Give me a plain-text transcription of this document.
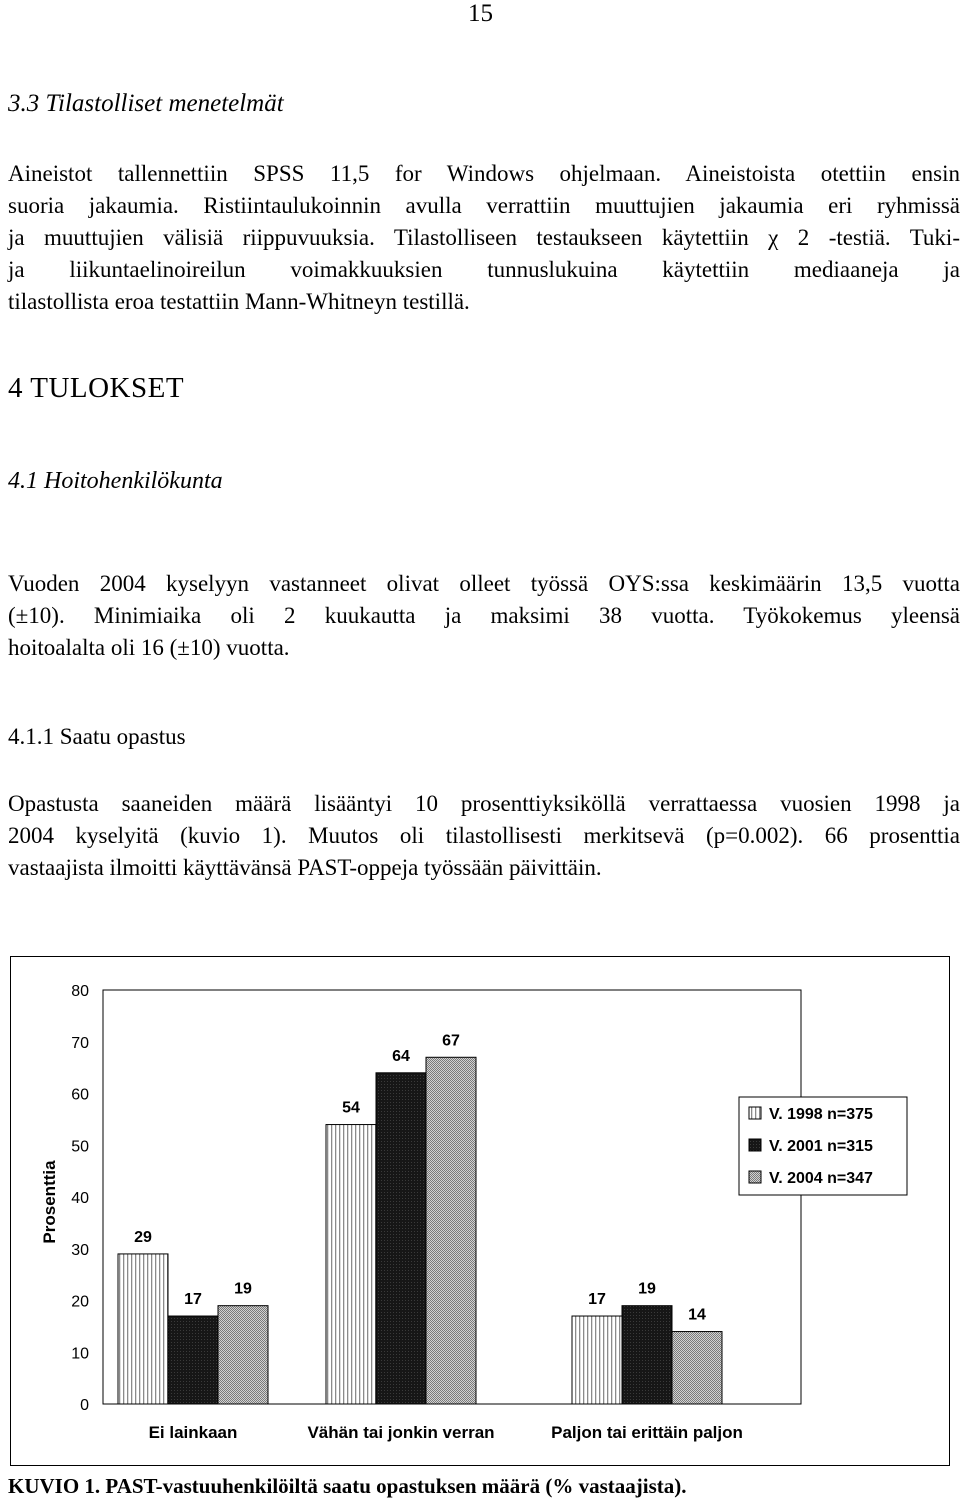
15
3.3 Tilastolliset menetelmät
Aineistot tallennettiin SPSS 11,5 for Windows ohjelmaan. Aineistoista otettiin ensin
suoria jakaumia. Ristiintaulukoinnin avulla verrattiin muuttujien jakaumia eri ryhmissä
ja muuttujien välisiä riippuvuuksia. Tilastolliseen testaukseen käytettiin χ 2 -testiä. Tuki-
ja liikuntaelinoireilun voimakkuuksien tunnuslukuina käytettiin mediaaneja ja
tilastollista eroa testattiin Mann-Whitneyn testillä.
4 TULOKSET
4.1 Hoitohenkilökunta
Vuoden 2004 kyselyyn vastanneet olivat olleet työssä OYS:ssa keskimäärin 13,5 vuotta
(±10). Minimiaika oli 2 kuukautta ja maksimi 38 vuotta. Työkokemus yleensä
hoitoalalta oli 16 (±10) vuotta.
4.1.1 Saatu opastus
Opastusta saaneiden määrä lisääntyi 10 prosenttiyksiköllä verrattaessa vuosien 1998 ja
2004 kyselyitä (kuvio 1). Muutos oli tilastollisesti merkitsevä (p=0.002). 66 prosenttia
vastaajista ilmoitti käyttävänsä PAST-oppeja työssään päivittäin.
0
10
20
30
40
50
60
70
80
Prosenttia	29
17
19
Ei lainkaan
54
64
67
Vähän tai jonkin verran
17
19
14
Paljon tai erittäin paljon
V. 1998 n=375
V. 2001 n=315
V. 2004 n=347
KUVIO 1. PAST-vastuuhenkilöiltä saatu opastuksen määrä (% vastaajista).
